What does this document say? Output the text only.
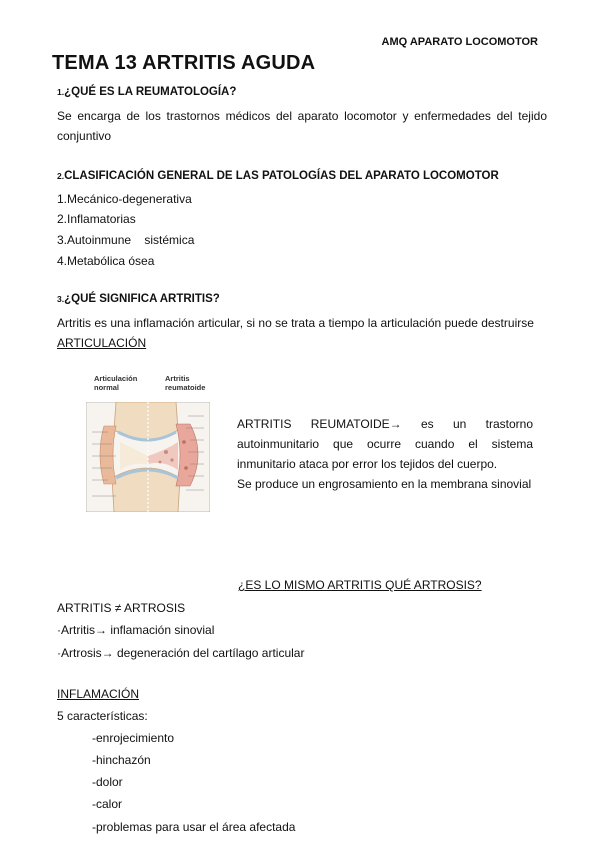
AMQ APARATO LOCOMOTOR
TEMA 13 ARTRITIS AGUDA
1.¿QUÉ ES LA REUMATOLOGÍA?
Se encarga de los trastornos médicos del aparato locomotor y enfermedades del tejido conjuntivo
2.CLASIFICACIÓN GENERAL DE LAS PATOLOGÍAS DEL APARATO LOCOMOTOR
1.Mecánico-degenerativa
2.Inflamatorias
3.Autoinmune    sistémica
4.Metabólica ósea
3.¿QUÉ SIGNIFICA ARTRITIS?
Artritis es una inflamación articular, si no se trata a tiempo la articulación puede destruirse
ARTICULACIÓN
Articulación
normal
Artritis
reumatoide

ARTRITIS REUMATOIDE→ es un trastorno autoinmunitario que ocurre cuando el sistema inmunitario ataca por error los tejidos del cuerpo.

Se produce un engrosamiento en la membrana sinovial

¿ES LO MISMO ARTRITIS QUÉ ARTROSIS?
ARTRITIS ≠ ARTROSIS
·Artritis→ inflamación sinovial
·Artrosis→ degeneración del cartílago articular
INFLAMACIÓN
5 características:
-enrojecimiento
-hinchazón
-dolor
-calor
-problemas para usar el área afectada
